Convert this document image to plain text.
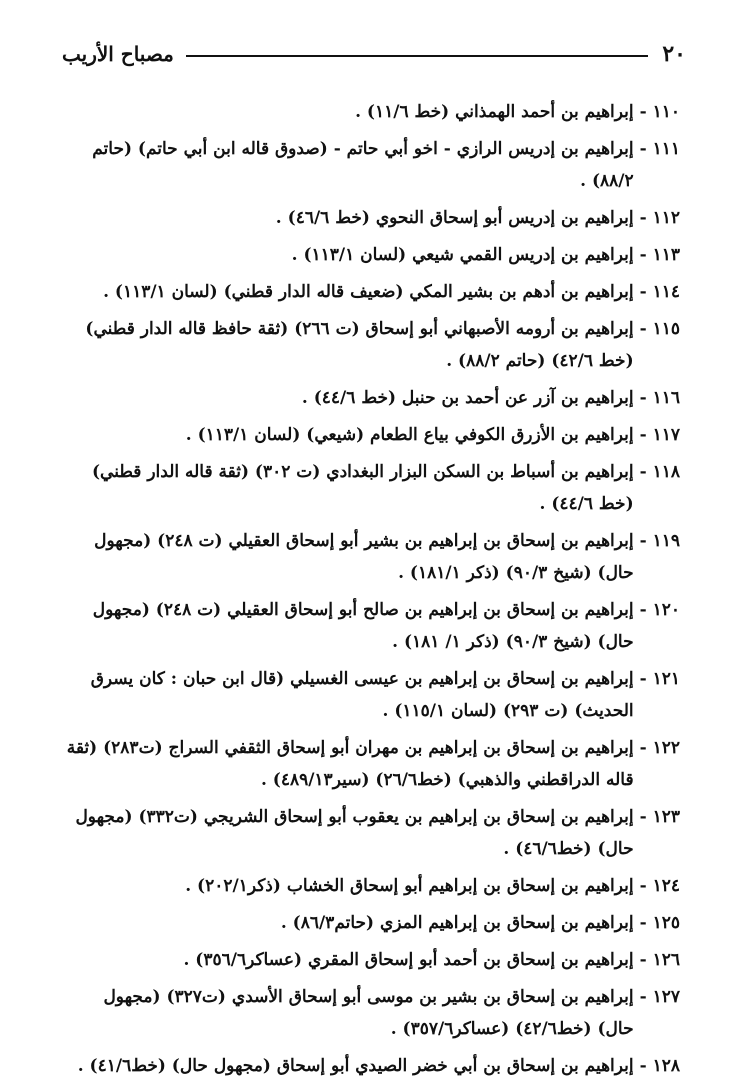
٢٠
مصباح الأريب
١١٠ -
إبراهيم بن أحمد الهمذاني (خط ١١/٦) .
١١١ -
إبراهيم بن إدريس الرازي - اخو أبي حاتم - (صدوق قاله ابن أبي حاتم) (حاتم ٨٨/٢) .
١١٢ -
إبراهيم بن إدريس أبو إسحاق النحوي (خط ٤٦/٦) .
١١٣ -
إبراهيم بن إدريس القمي شيعي (لسان ١١٣/١) .
١١٤ -
إبراهيم بن أدهم بن بشير المكي (ضعيف قاله الدار قطني) (لسان ١١٣/١) .
١١٥ -
إبراهيم بن أرومه الأصبهاني أبو إسحاق (ت ٢٦٦) (ثقة حافظ قاله الدار قطني) (خط ٤٢/٦) (حاتم ٨٨/٢) .
١١٦ -
إبراهيم بن آزر عن أحمد بن حنبل (خط ٤٤/٦) .
١١٧ -
إبراهيم بن الأزرق الكوفي بياع الطعام (شيعي) (لسان ١١٣/١) .
١١٨ -
إبراهيم بن أسباط بن السكن البزار البغدادي (ت ٣٠٢) (ثقة قاله الدار قطني) (خط ٤٤/٦) .
١١٩ -
إبراهيم بن إسحاق بن إبراهيم بن بشير أبو إسحاق العقيلي (ت ٢٤٨) (مجهول حال) (شيخ ٩٠/٣) (ذكر ١٨١/١) .
١٢٠ -
إبراهيم بن إسحاق بن إبراهيم بن صالح أبو إسحاق العقيلي (ت ٢٤٨) (مجهول حال) (شيخ ٩٠/٣) (ذكر ١/ ١٨١) .
١٢١ -
إبراهيم بن إسحاق بن إبراهيم بن عيسى الغسيلي (قال ابن حبان : كان يسرق الحديث) (ت ٢٩٣) (لسان ١١٥/١) .
١٢٢ -
إبراهيم بن إسحاق بن إبراهيم بن مهران أبو إسحاق الثقفي السراج (ت٢٨٣) (ثقة قاله الدراقطني والذهبي) (خط٢٦/٦) (سير٤٨٩/١٣) .
١٢٣ -
إبراهيم بن إسحاق بن إبراهيم بن يعقوب أبو إسحاق الشريجي (ت٣٣٢) (مجهول حال) (خط٤٦/٦) .
١٢٤ -
إبراهيم بن إسحاق بن إبراهيم أبو إسحاق الخشاب (ذكر٢٠٢/١) .
١٢٥ -
إبراهيم بن إسحاق بن إبراهيم المزي (حاتم٨٦/٣) .
١٢٦ -
إبراهيم بن إسحاق بن أحمد أبو إسحاق المقري (عساكر٣٥٦/٦) .
١٢٧ -
إبراهيم بن إسحاق بن بشير بن موسى أبو إسحاق الأسدي (ت٣٢٧) (مجهول حال) (خط٤٢/٦) (عساكر٣٥٧/٦) .
١٢٨ -
إبراهيم بن إسحاق بن أبي خضر الصيدي أبو إسحاق (مجهول حال) (خط٤١/٦) .
